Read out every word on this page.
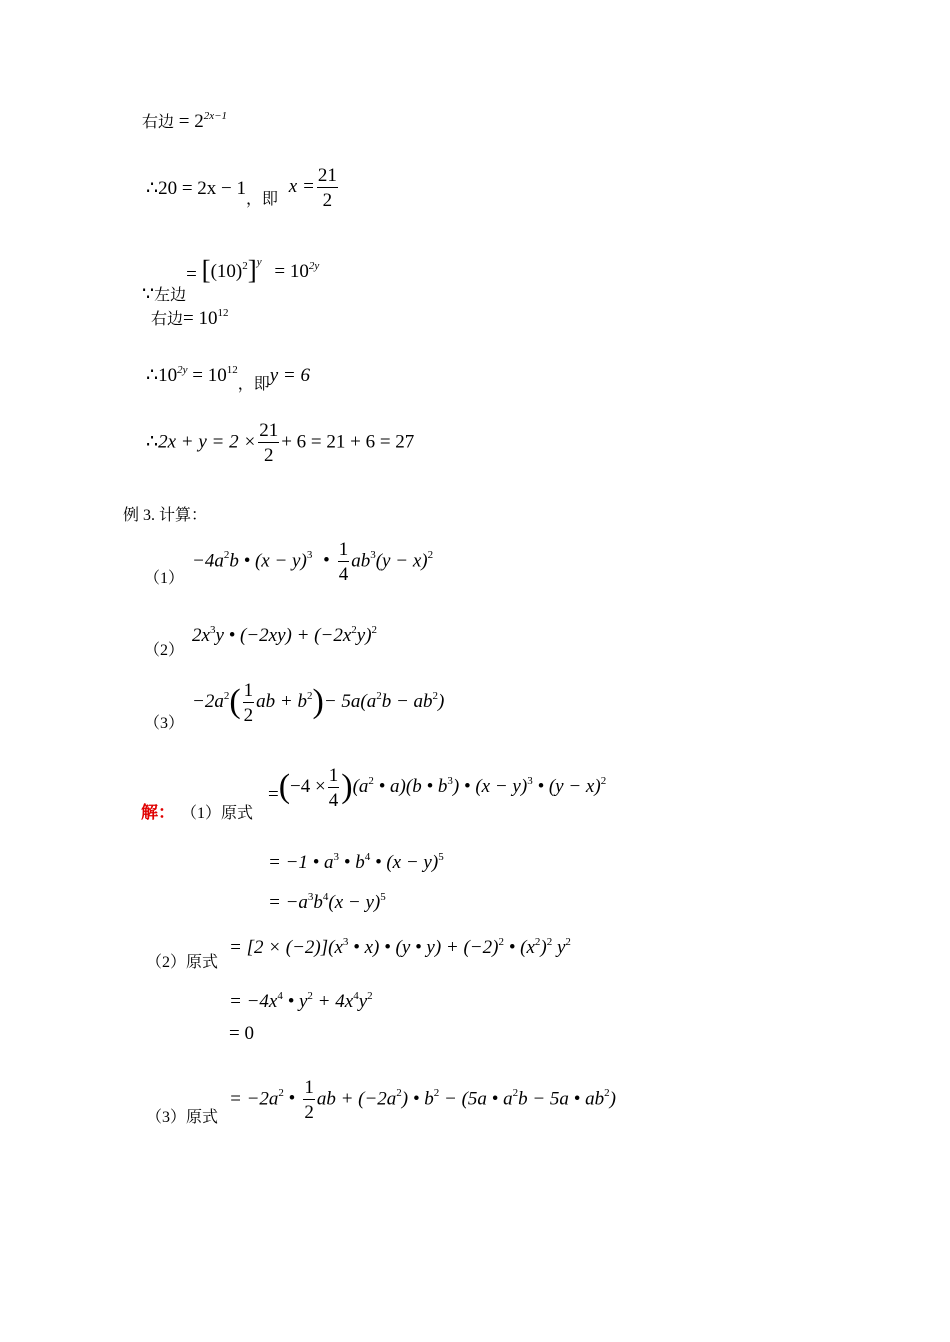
右边 = $2^{2x-1}$
∴20 = $2x - 1_{,即}$ $x = \frac{21}{2}$
$\because_{左边}= [(10)^2]^y = 10^{2y}$
右边= $10^{12}$
$\therefore 10^{2y} = 10^{12}_{,即}y = 6$
∴2x + $y = 2 \times \frac{21}{2} + 6 = 21 + 6 = 27$
例 3. 计算：
（1）
$-4a^2b$ • $(x - y)^3$ • $\frac{1}{4} ab^3(y - x)^2$
（2）
$2x^3y$ • $(-2xy) + (-2x^2y)^2$
（3）
$-2a^2( \frac{1}{2}$ ab + $b^2)- 5a(a^2b - ab^2)$
解： （1）原式
$=(-4 \times \frac{1}{4} )(a^2$ • a)(b • $b^3$) • $(x - y)^3$ • $(y - x)^2$
= −1 • $a^3$ • $b^4$ • $(x - y)^5$
= $-a^3b^4(x - y)^5$
（2）原式
= $[2 \times (-2)](x^3$ • x) • (y • $y) + (-2)^2$ • $(x^2)^2$ $y^2$
= $-4x^4$ • $y^2 + 4x^4y^2$
= 0
（3）原式
= $-2a^2$ • $\frac{1}{2}$ ab + $(-2a^2)$ • $b^2 - (5a$ • $a^2b - 5a$ • $ab^2$)
